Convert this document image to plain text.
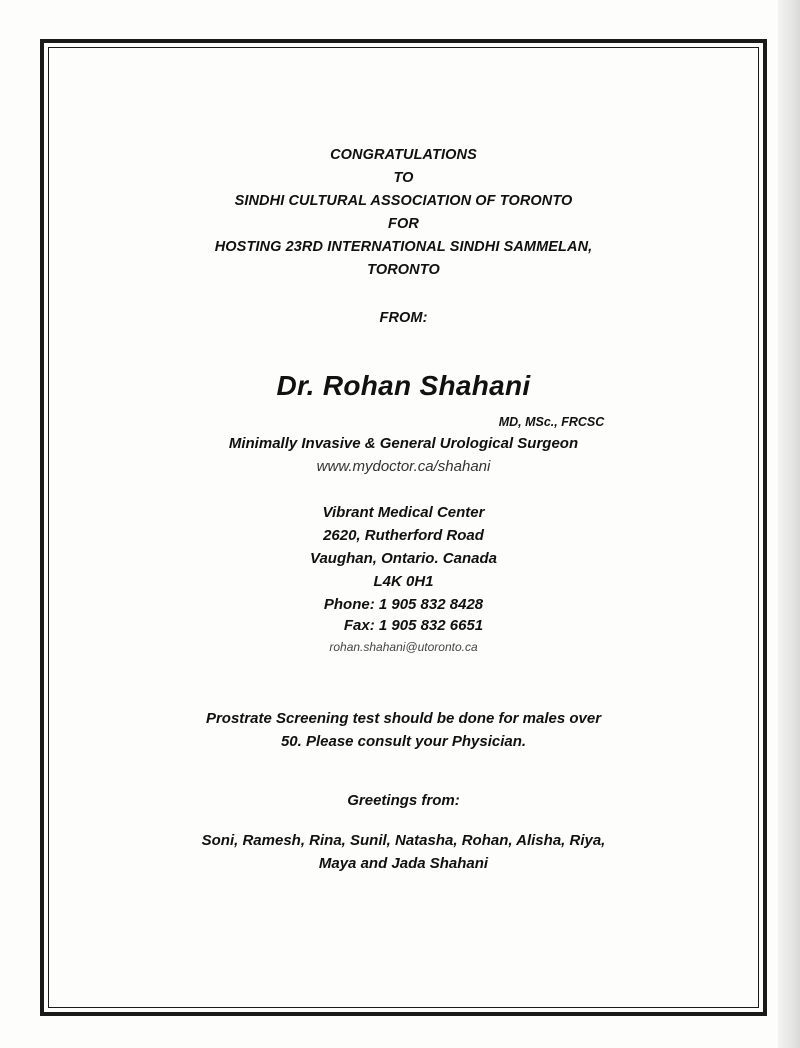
CONGRATULATIONS
TO
SINDHI CULTURAL ASSOCIATION OF TORONTO
FOR
HOSTING 23RD INTERNATIONAL SINDHI SAMMELAN,
TORONTO
FROM:
Dr. Rohan Shahani
MD, MSc., FRCSC
Minimally Invasive & General Urological Surgeon
www.mydoctor.ca/shahani
Vibrant Medical Center
2620, Rutherford Road
Vaughan, Ontario. Canada
L4K 0H1
Phone: 1 905 832 8428
Fax: 1 905 832 6651
rohan.shahani@utoronto.ca
Prostrate Screening test should be done for males over
50. Please consult your Physician.
Greetings from:
Soni, Ramesh, Rina, Sunil, Natasha, Rohan, Alisha, Riya,
Maya and Jada Shahani
